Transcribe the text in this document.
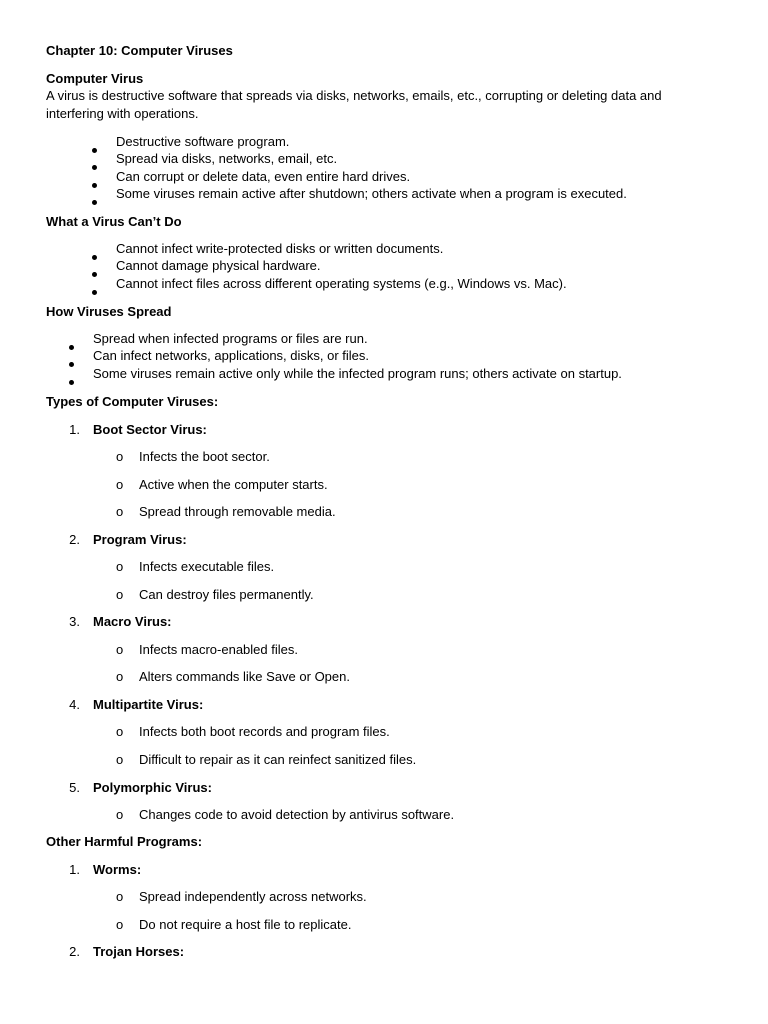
Chapter 10: Computer Viruses
Computer Virus
A virus is destructive software that spreads via disks, networks, emails, etc., corrupting or deleting data and
interfering with operations.
Destructive software program.
Spread via disks, networks, email, etc.
Can corrupt or delete data, even entire hard drives.
Some viruses remain active after shutdown; others activate when a program is executed.
What a Virus Can’t Do
Cannot infect write-protected disks or written documents.
Cannot damage physical hardware.
Cannot infect files across different operating systems (e.g., Windows vs. Mac).
How Viruses Spread
Spread when infected programs or files are run.
Can infect networks, applications, disks, or files.
Some viruses remain active only while the infected program runs; others activate on startup.
Types of Computer Viruses:
1. Boot Sector Virus:
o Infects the boot sector.
o Active when the computer starts.
o Spread through removable media.
2. Program Virus:
o Infects executable files.
o Can destroy files permanently.
3. Macro Virus:
o Infects macro-enabled files.
o Alters commands like Save or Open.
4. Multipartite Virus:
o Infects both boot records and program files.
o Difficult to repair as it can reinfect sanitized files.
5. Polymorphic Virus:
o Changes code to avoid detection by antivirus software.
Other Harmful Programs:
1. Worms:
o Spread independently across networks.
o Do not require a host file to replicate.
2. Trojan Horses:
